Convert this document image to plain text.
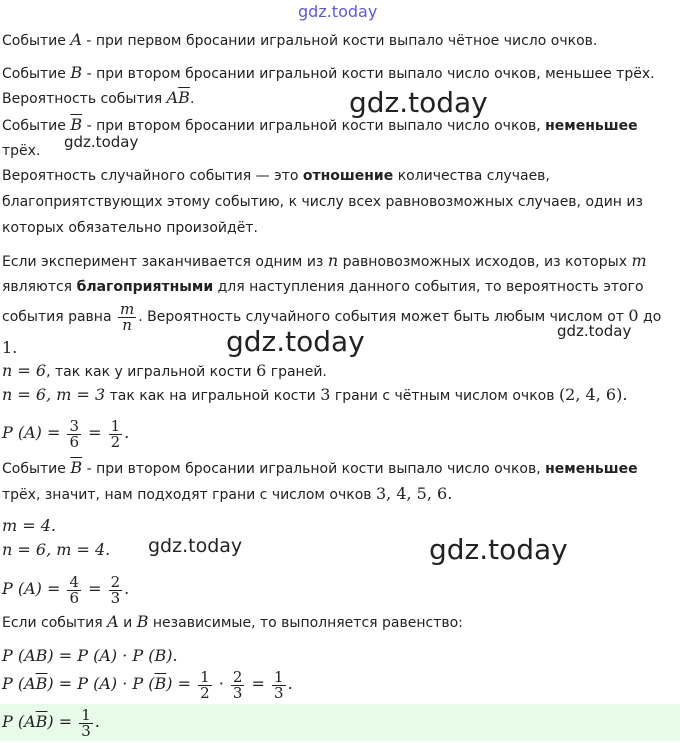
gdz.today
gdz.today
gdz.today
gdz.today	gdz.today
gdz.today	gdz.today
Событие A - при первом бросании игральной кости выпало чётное число очков.
Событие B - при втором бросании игральной кости выпало число очков, меньшее трёх.
Вероятность события $A\overline{B}$.
Событие $\overline{B}$ - при втором бросании игральной кости выпало число очков, неменьшее
трёх.
Вероятность случайного события — это отношение количества случаев,
благоприятствующих этому событию, к числу всех равновозможных случаев, один из
которых обязательно произойдёт.
Если эксперимент заканчивается одним из n равновозможных исходов, из которых m
являются благоприятными для наступления данного события, то вероятность этого
события равна $\frac{m}{n}$ . Вероятность случайного события может быть любым числом от 0 до
1.
n = 6, так как у игральной кости 6 граней.
n = 6, m = 3 так как на игральной кости 3 грани с чётным числом очков (2, 4, 6).
P $(A) = \frac{3}{6} = \frac{1}{2}$ .
Событие $\overline{B}$ - при втором бросании игральной кости выпало число очков, неменьшее
трёх, значит, нам подходят грани с числом очков 3, 4, 5, 6.
m = 4.
n = 6, m = 4.
P $(A) = \frac{4}{6} = \frac{2}{3}$ .
Если события A и B независимые, то выполняется равенство:
P (AB) = P (A) · P (B).
P $(A\overline{B}) = P$ (A) · P $(\overline{B}) = \frac{1}{2} \cdot \frac{2}{3} = \frac{1}{3}$ .
P $(A\overline{B}) = \frac{1}{3}$ .
